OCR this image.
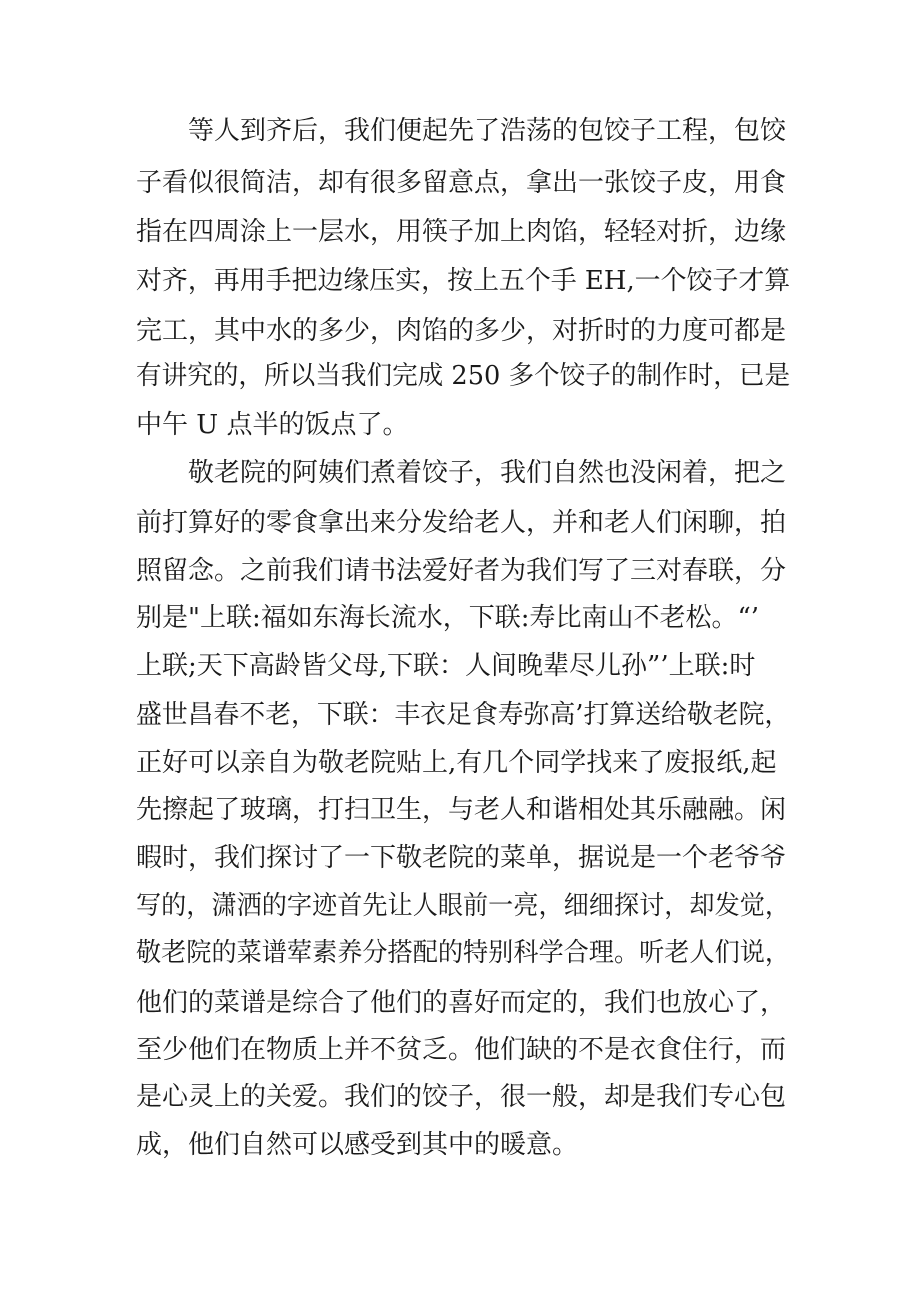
等人到齐后，我们便起先了浩荡的包饺子工程，包饺

子看似很简洁，却有很多留意点，拿出一张饺子皮，用食

指在四周涂上一层水，用筷子加上肉馅，轻轻对折，边缘

对齐，再用手把边缘压实，按上五个手 EH,一个饺子才算

完工，其中水的多少，肉馅的多少，对折时的力度可都是

有讲究的，所以当我们完成 250 多个饺子的制作时，已是

中午 U 点半的饭点了。

敬老院的阿姨们煮着饺子，我们自然也没闲着，把之

前打算好的零食拿出来分发给老人，并和老人们闲聊，拍

照留念。之前我们请书法爱好者为我们写了三对春联，分

别是"上联:福如东海长流水，下联:寿比南山不老松。“’

上联;天下高龄皆父母,下联：人间晚辈尽儿孙”’上联:时

盛世昌春不老，下联：丰衣足食寿弥高’打算送给敬老院，

正好可以亲自为敬老院贴上,有几个同学找来了废报纸,起

先擦起了玻璃，打扫卫生，与老人和谐相处其乐融融。闲

暇时，我们探讨了一下敬老院的菜单，据说是一个老爷爷

写的，潇洒的字迹首先让人眼前一亮，细细探讨，却发觉，

敬老院的菜谱荤素养分搭配的特别科学合理。听老人们说，

他们的菜谱是综合了他们的喜好而定的，我们也放心了，

至少他们在物质上并不贫乏。他们缺的不是衣食住行，而

是心灵上的关爱。我们的饺子，很一般，却是我们专心包

成，他们自然可以感受到其中的暖意。
